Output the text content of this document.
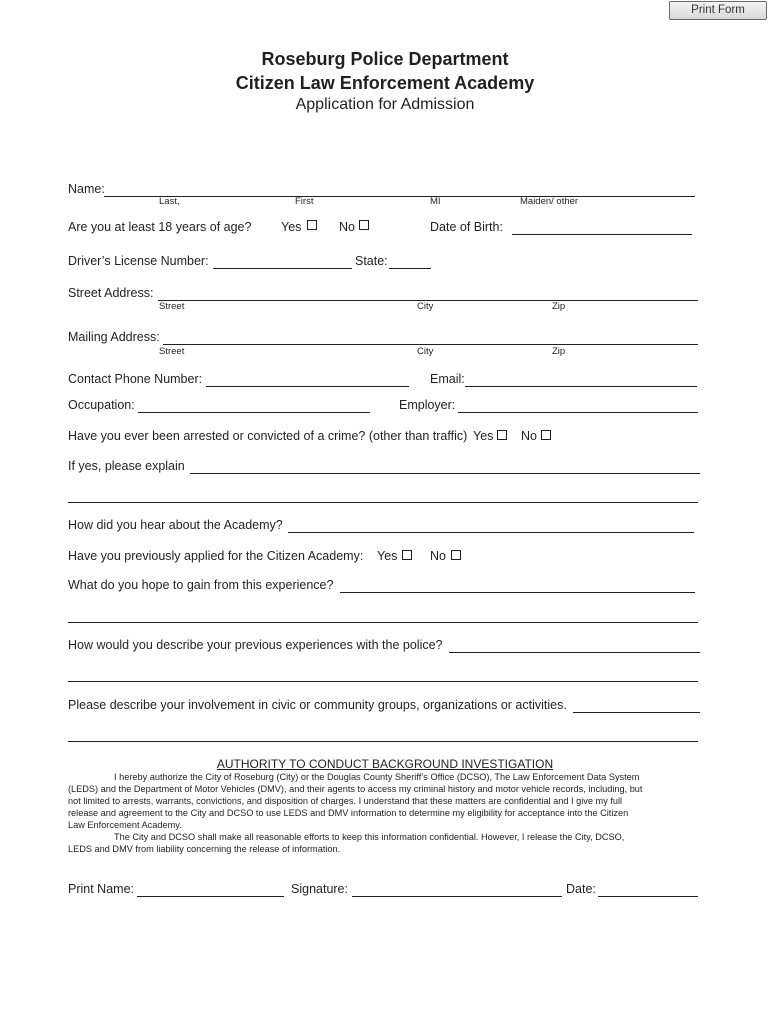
Print Form
Roseburg Police Department
Citizen Law Enforcement Academy
Application for Admission
Name:
Last,	First	MI	Maiden/ other
Are you at least 18 years of age? Yes	No	Date of Birth:
Driver’s License Number:	State:
Street Address:
Street	City	Zip
Mailing Address:
Street	City	Zip
Contact Phone Number:	Email:
Occupation:	Employer:
Have you ever been arrested or convicted of a crime? (other than traffic) Yes No
If yes, please explain
How did you hear about the Academy?
Have you previously applied for the Citizen Academy: Yes	No
What do you hope to gain from this experience?
How would you describe your previous experiences with the police?
Please describe your involvement in civic or community groups, organizations or activities.
AUTHORITY TO CONDUCT BACKGROUND INVESTIGATION
I hereby authorize the City of Roseburg (City) or the Douglas County Sheriff’s Office (DCSO), The Law Enforcement Data System
(LEDS) and the Department of Motor Vehicles (DMV), and their agents to access my criminal history and motor vehicle records, including, but
not limited to arrests, warrants, convictions, and disposition of charges. I understand that these matters are confidential and I give my full
release and agreement to the City and DCSO to use LEDS and DMV information to determine my eligibility for acceptance into the Citizen
Law Enforcement Academy.
The City and DCSO shall make all reasonable efforts to keep this information confidential. However, I release the City, DCSO,
LEDS and DMV from liability concerning the release of information.
Print Name:	Signature:	Date:
